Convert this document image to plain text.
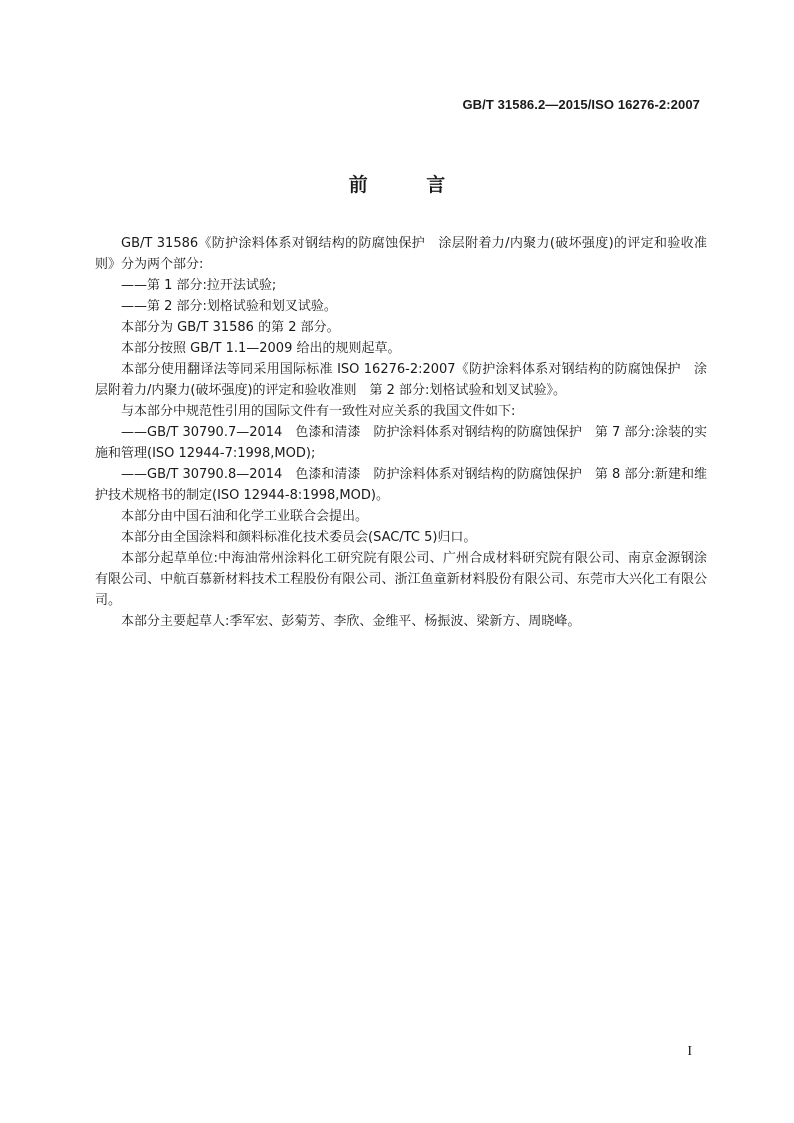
GB/T 31586.2—2015/ISO 16276-2:2007
前 言

GB/T 31586《防护涂料体系对钢结构的防腐蚀保护　涂层附着力/内聚力(破坏强度)的评定和验收准则》分为两个部分:

——第 1 部分:拉开法试验;

——第 2 部分:划格试验和划叉试验。

本部分为 GB/T 31586 的第 2 部分。

本部分按照 GB/T 1.1—2009 给出的规则起草。

本部分使用翻译法等同采用国际标准 ISO 16276-2:2007《防护涂料体系对钢结构的防腐蚀保护　涂层附着力/内聚力(破坏强度)的评定和验收准则　第 2 部分:划格试验和划叉试验》。

与本部分中规范性引用的国际文件有一致性对应关系的我国文件如下:

——GB/T 30790.7—2014　色漆和清漆　防护涂料体系对钢结构的防腐蚀保护　第 7 部分:涂装的实施和管理(ISO 12944-7:1998,MOD);

——GB/T 30790.8—2014　色漆和清漆　防护涂料体系对钢结构的防腐蚀保护　第 8 部分:新建和维护技术规格书的制定(ISO 12944-8:1998,MOD)。

本部分由中国石油和化学工业联合会提出。

本部分由全国涂料和颜料标准化技术委员会(SAC/TC 5)归口。

本部分起草单位:中海油常州涂料化工研究院有限公司、广州合成材料研究院有限公司、南京金源钢涂有限公司、中航百慕新材料技术工程股份有限公司、浙江鱼童新材料股份有限公司、东莞市大兴化工有限公司。

本部分主要起草人:季军宏、彭菊芳、李欣、金维平、杨振波、梁新方、周晓峰。

I
